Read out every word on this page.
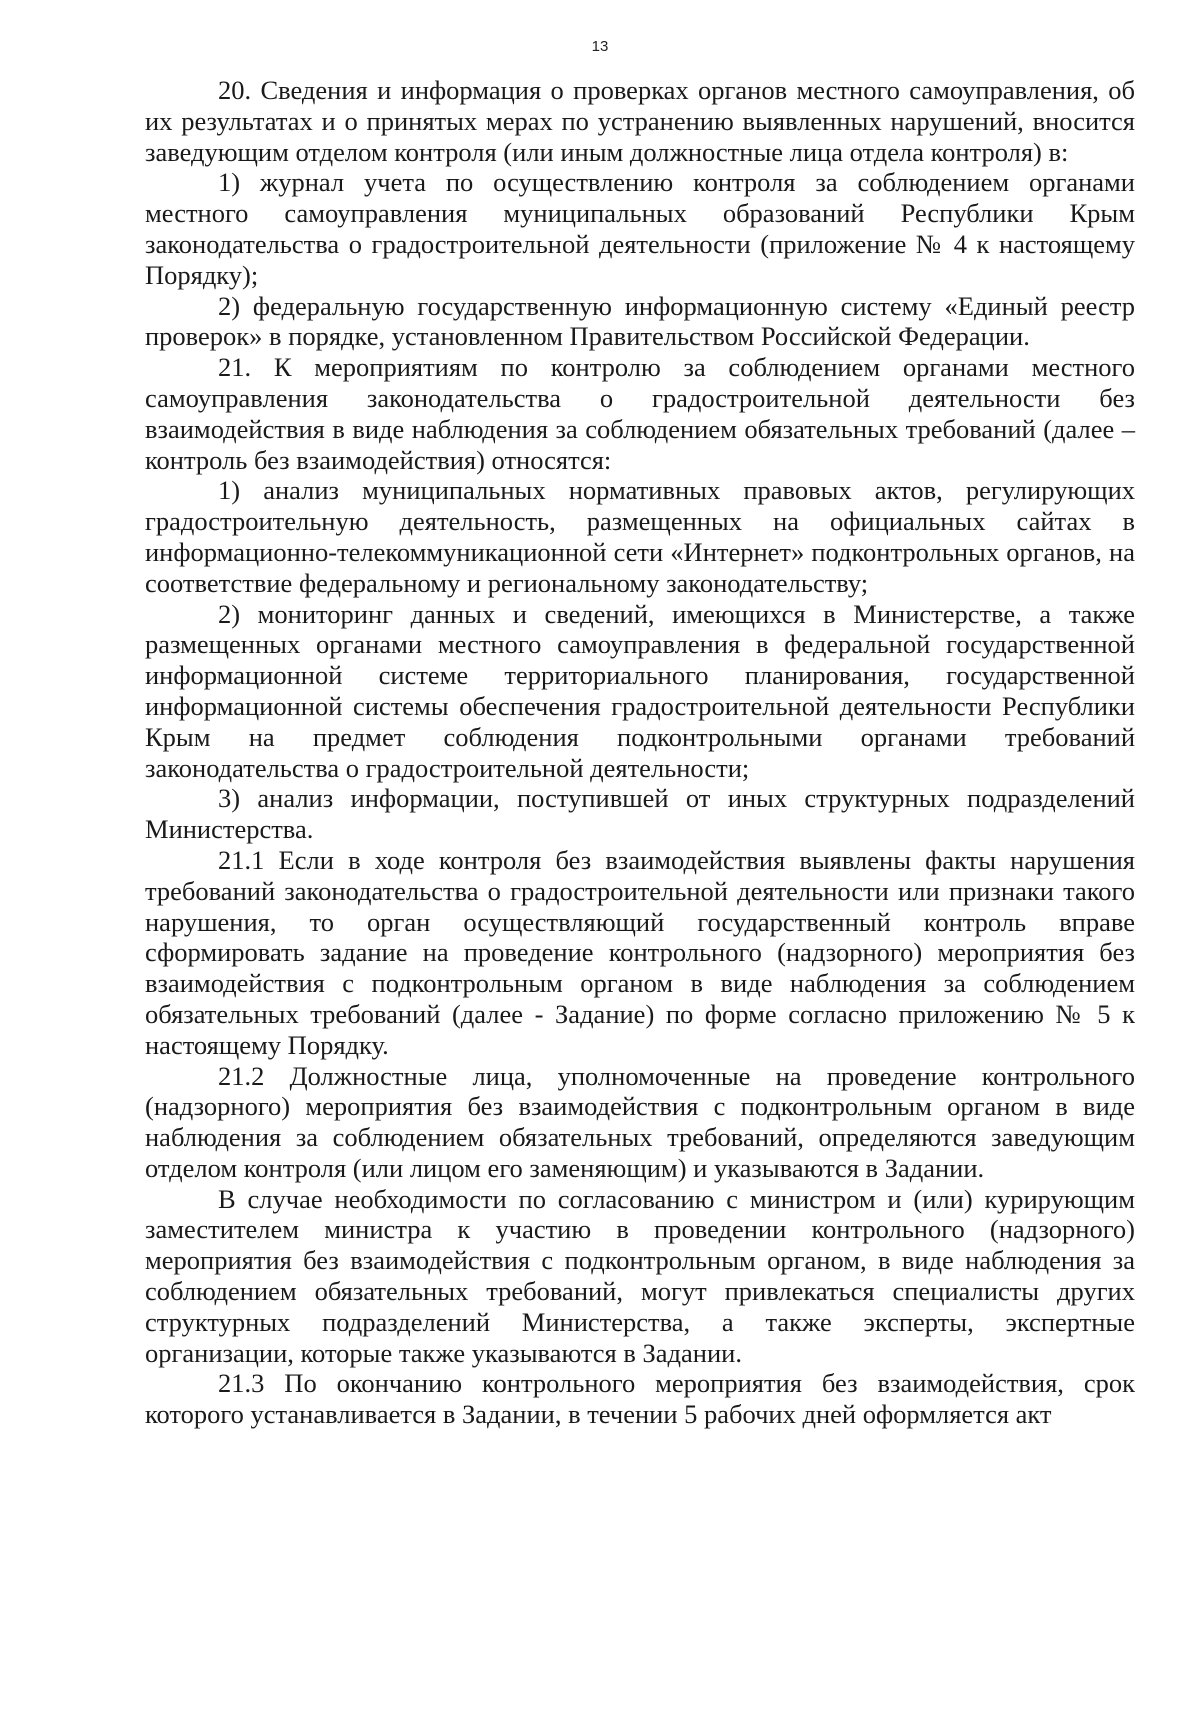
13

20. Сведения и информация о проверках органов местного самоуправления, об их результатах и о принятых мерах по устранению выявленных нарушений, вносится заведующим отделом контроля (или иным должностные лица отдела контроля) в:

1) журнал учета по осуществлению контроля за соблюдением органами местного самоуправления муниципальных образований Республики Крым законодательства о градостроительной деятельности (приложение № 4 к настоящему Порядку);

2) федеральную государственную информационную систему «Единый реестр проверок» в порядке, установленном Правительством Российской Федерации.

21. К мероприятиям по контролю за соблюдением органами местного самоуправления законодательства о градостроительной деятельности без взаимодействия в виде наблюдения за соблюдением обязательных требований (далее – контроль без взаимодействия) относятся:

1) анализ муниципальных нормативных правовых актов, регулирующих градостроительную деятельность, размещенных на официальных сайтах в информационно-телекоммуникационной сети «Интернет» подконтрольных органов, на соответствие федеральному и региональному законодательству;

2) мониторинг данных и сведений, имеющихся в Министерстве, а также размещенных органами местного самоуправления в федеральной государственной информационной системе территориального планирования, государственной информационной системы обеспечения градостроительной деятельности Республики Крым на предмет соблюдения подконтрольными органами требований законодательства о градостроительной деятельности;

3) анализ информации, поступившей от иных структурных подразделений Министерства.

21.1 Если в ходе контроля без взаимодействия выявлены факты нарушения требований законодательства о градостроительной деятельности или признаки такого нарушения, то орган осуществляющий государственный контроль вправе сформировать задание на проведение контрольного (надзорного) мероприятия без взаимодействия с подконтрольным органом в виде наблюдения за соблюдением обязательных требований (далее - Задание) по форме согласно приложению № 5 к настоящему Порядку.

21.2 Должностные лица, уполномоченные на проведение контрольного (надзорного) мероприятия без взаимодействия с подконтрольным органом в виде наблюдения за соблюдением обязательных требований, определяются заведующим отделом контроля (или лицом его заменяющим) и указываются в Задании.

В случае необходимости по согласованию с министром и (или) курирующим заместителем министра к участию в проведении контрольного (надзорного) мероприятия без взаимодействия с подконтрольным органом, в виде наблюдения за соблюдением обязательных требований, могут привлекаться специалисты других структурных подразделений Министерства, а также эксперты, экспертные организации, которые также указываются в Задании.

21.3 По окончанию контрольного мероприятия без взаимодействия, срок которого устанавливается в Задании, в течении 5 рабочих дней оформляется акт
